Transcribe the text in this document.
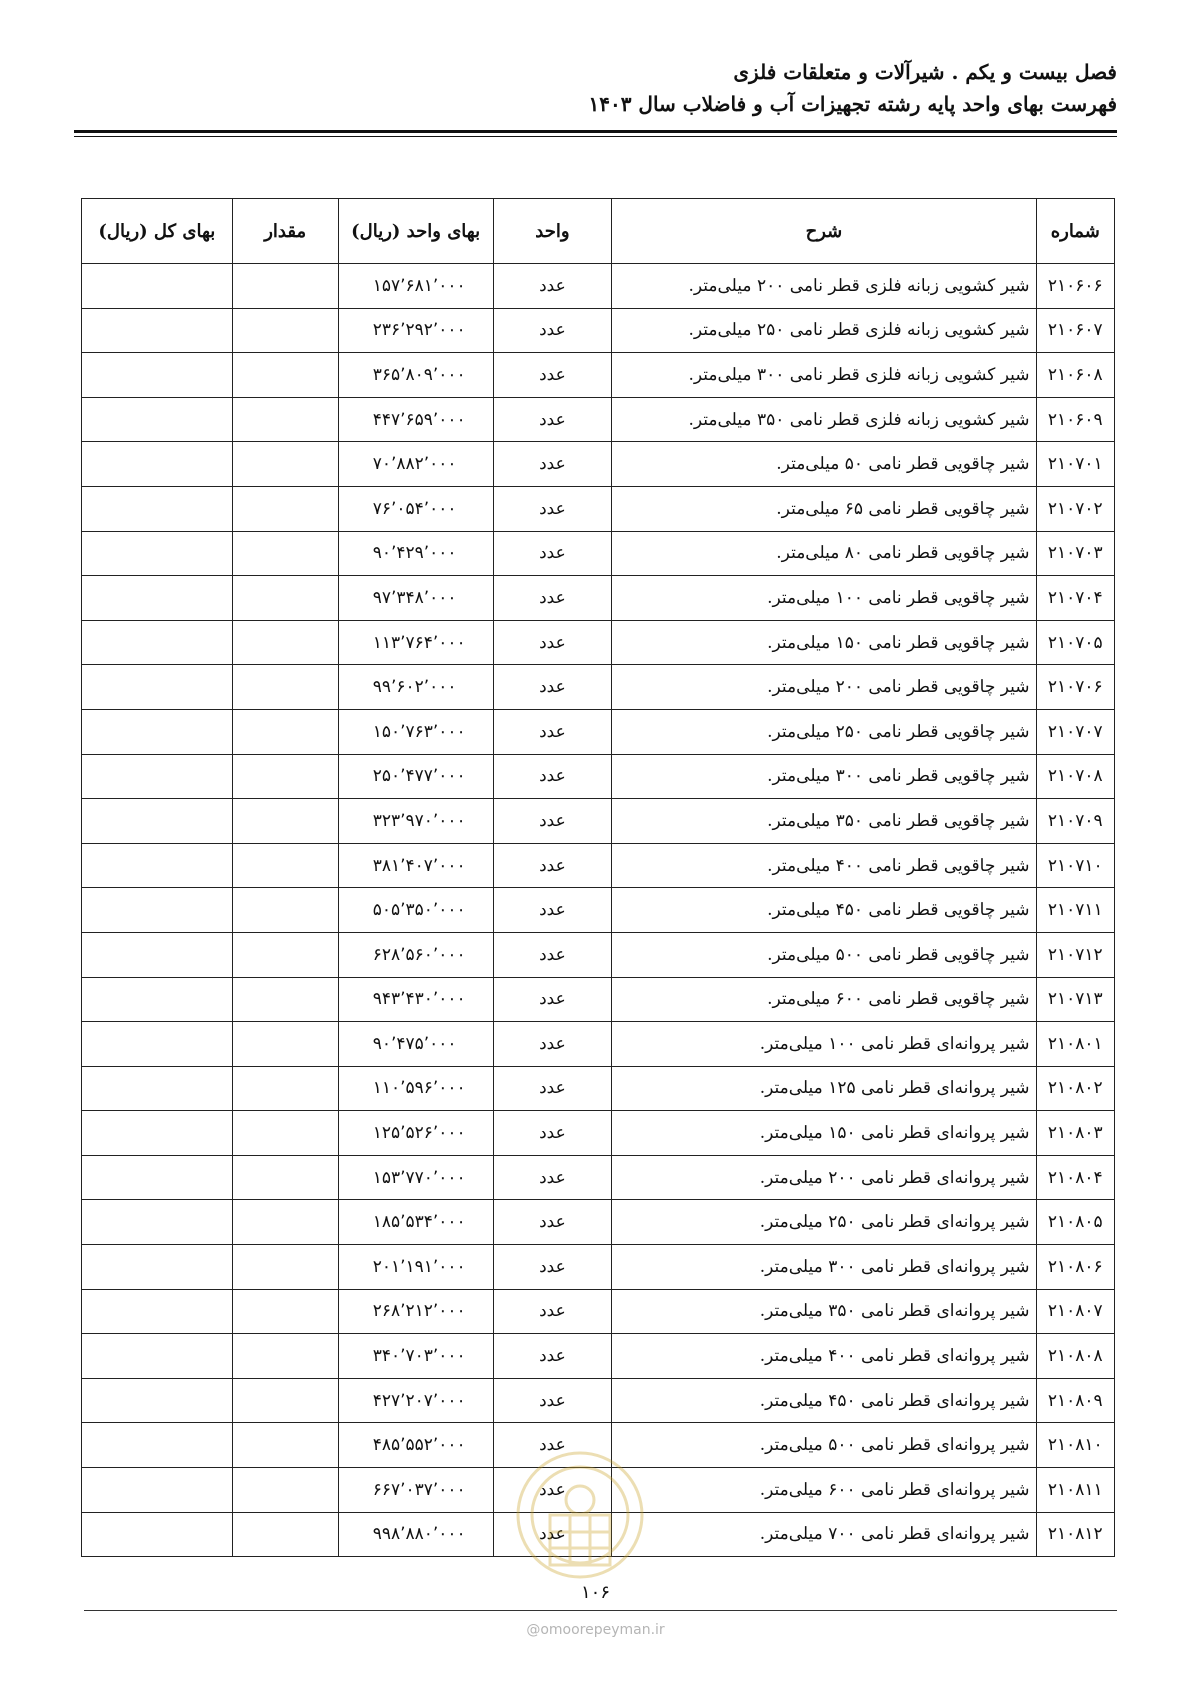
فصل بیست و یکم . شیرآلات و متعلقات فلزی
فهرست بهای واحد پایه رشته تجهیزات آب و فاضلاب سال ۱۴۰۳
شماره	شرح	واحد	بهای واحد (ریال)	مقدار	بهای کل (ریال)
۲۱۰۶۰۶	شیر کشویی زبانه فلزی قطر نامی ۲۰۰ میلی‌متر.	عدد	۱۵۷٬۶۸۱٬۰۰۰		
۲۱۰۶۰۷	شیر کشویی زبانه فلزی قطر نامی ۲۵۰ میلی‌متر.	عدد	۲۳۶٬۲۹۲٬۰۰۰		
۲۱۰۶۰۸	شیر کشویی زبانه فلزی قطر نامی ۳۰۰ میلی‌متر.	عدد	۳۶۵٬۸۰۹٬۰۰۰		
۲۱۰۶۰۹	شیر کشویی زبانه فلزی قطر نامی ۳۵۰ میلی‌متر.	عدد	۴۴۷٬۶۵۹٬۰۰۰		
۲۱۰۷۰۱	شیر چاقویی قطر نامی ۵۰ میلی‌متر.	عدد	۷۰٬۸۸۲٬۰۰۰		
۲۱۰۷۰۲	شیر چاقویی قطر نامی ۶۵ میلی‌متر.	عدد	۷۶٬۰۵۴٬۰۰۰		
۲۱۰۷۰۳	شیر چاقویی قطر نامی ۸۰ میلی‌متر.	عدد	۹۰٬۴۲۹٬۰۰۰		
۲۱۰۷۰۴	شیر چاقویی قطر نامی ۱۰۰ میلی‌متر.	عدد	۹۷٬۳۴۸٬۰۰۰		
۲۱۰۷۰۵	شیر چاقویی قطر نامی ۱۵۰ میلی‌متر.	عدد	۱۱۳٬۷۶۴٬۰۰۰		
۲۱۰۷۰۶	شیر چاقویی قطر نامی ۲۰۰ میلی‌متر.	عدد	۹۹٬۶۰۲٬۰۰۰		
۲۱۰۷۰۷	شیر چاقویی قطر نامی ۲۵۰ میلی‌متر.	عدد	۱۵۰٬۷۶۳٬۰۰۰		
۲۱۰۷۰۸	شیر چاقویی قطر نامی ۳۰۰ میلی‌متر.	عدد	۲۵۰٬۴۷۷٬۰۰۰		
۲۱۰۷۰۹	شیر چاقویی قطر نامی ۳۵۰ میلی‌متر.	عدد	۳۲۳٬۹۷۰٬۰۰۰		
۲۱۰۷۱۰	شیر چاقویی قطر نامی ۴۰۰ میلی‌متر.	عدد	۳۸۱٬۴۰۷٬۰۰۰		
۲۱۰۷۱۱	شیر چاقویی قطر نامی ۴۵۰ میلی‌متر.	عدد	۵۰۵٬۳۵۰٬۰۰۰		
۲۱۰۷۱۲	شیر چاقویی قطر نامی ۵۰۰ میلی‌متر.	عدد	۶۲۸٬۵۶۰٬۰۰۰		
۲۱۰۷۱۳	شیر چاقویی قطر نامی ۶۰۰ میلی‌متر.	عدد	۹۴۳٬۴۳۰٬۰۰۰		
۲۱۰۸۰۱	شیر پروانه‌ای قطر نامی ۱۰۰ میلی‌متر.	عدد	۹۰٬۴۷۵٬۰۰۰		
۲۱۰۸۰۲	شیر پروانه‌ای قطر نامی ۱۲۵ میلی‌متر.	عدد	۱۱۰٬۵۹۶٬۰۰۰		
۲۱۰۸۰۳	شیر پروانه‌ای قطر نامی ۱۵۰ میلی‌متر.	عدد	۱۲۵٬۵۲۶٬۰۰۰		
۲۱۰۸۰۴	شیر پروانه‌ای قطر نامی ۲۰۰ میلی‌متر.	عدد	۱۵۳٬۷۷۰٬۰۰۰		
۲۱۰۸۰۵	شیر پروانه‌ای قطر نامی ۲۵۰ میلی‌متر.	عدد	۱۸۵٬۵۳۴٬۰۰۰		
۲۱۰۸۰۶	شیر پروانه‌ای قطر نامی ۳۰۰ میلی‌متر.	عدد	۲۰۱٬۱۹۱٬۰۰۰		
۲۱۰۸۰۷	شیر پروانه‌ای قطر نامی ۳۵۰ میلی‌متر.	عدد	۲۶۸٬۲۱۲٬۰۰۰		
۲۱۰۸۰۸	شیر پروانه‌ای قطر نامی ۴۰۰ میلی‌متر.	عدد	۳۴۰٬۷۰۳٬۰۰۰		
۲۱۰۸۰۹	شیر پروانه‌ای قطر نامی ۴۵۰ میلی‌متر.	عدد	۴۲۷٬۲۰۷٬۰۰۰		
۲۱۰۸۱۰	شیر پروانه‌ای قطر نامی ۵۰۰ میلی‌متر.	عدد	۴۸۵٬۵۵۲٬۰۰۰		
۲۱۰۸۱۱	شیر پروانه‌ای قطر نامی ۶۰۰ میلی‌متر.	عدد	۶۶۷٬۰۳۷٬۰۰۰		
۲۱۰۸۱۲	شیر پروانه‌ای قطر نامی ۷۰۰ میلی‌متر.	عدد	۹۹۸٬۸۸۰٬۰۰۰		
۱۰۶
@omoorepeyman.ir
